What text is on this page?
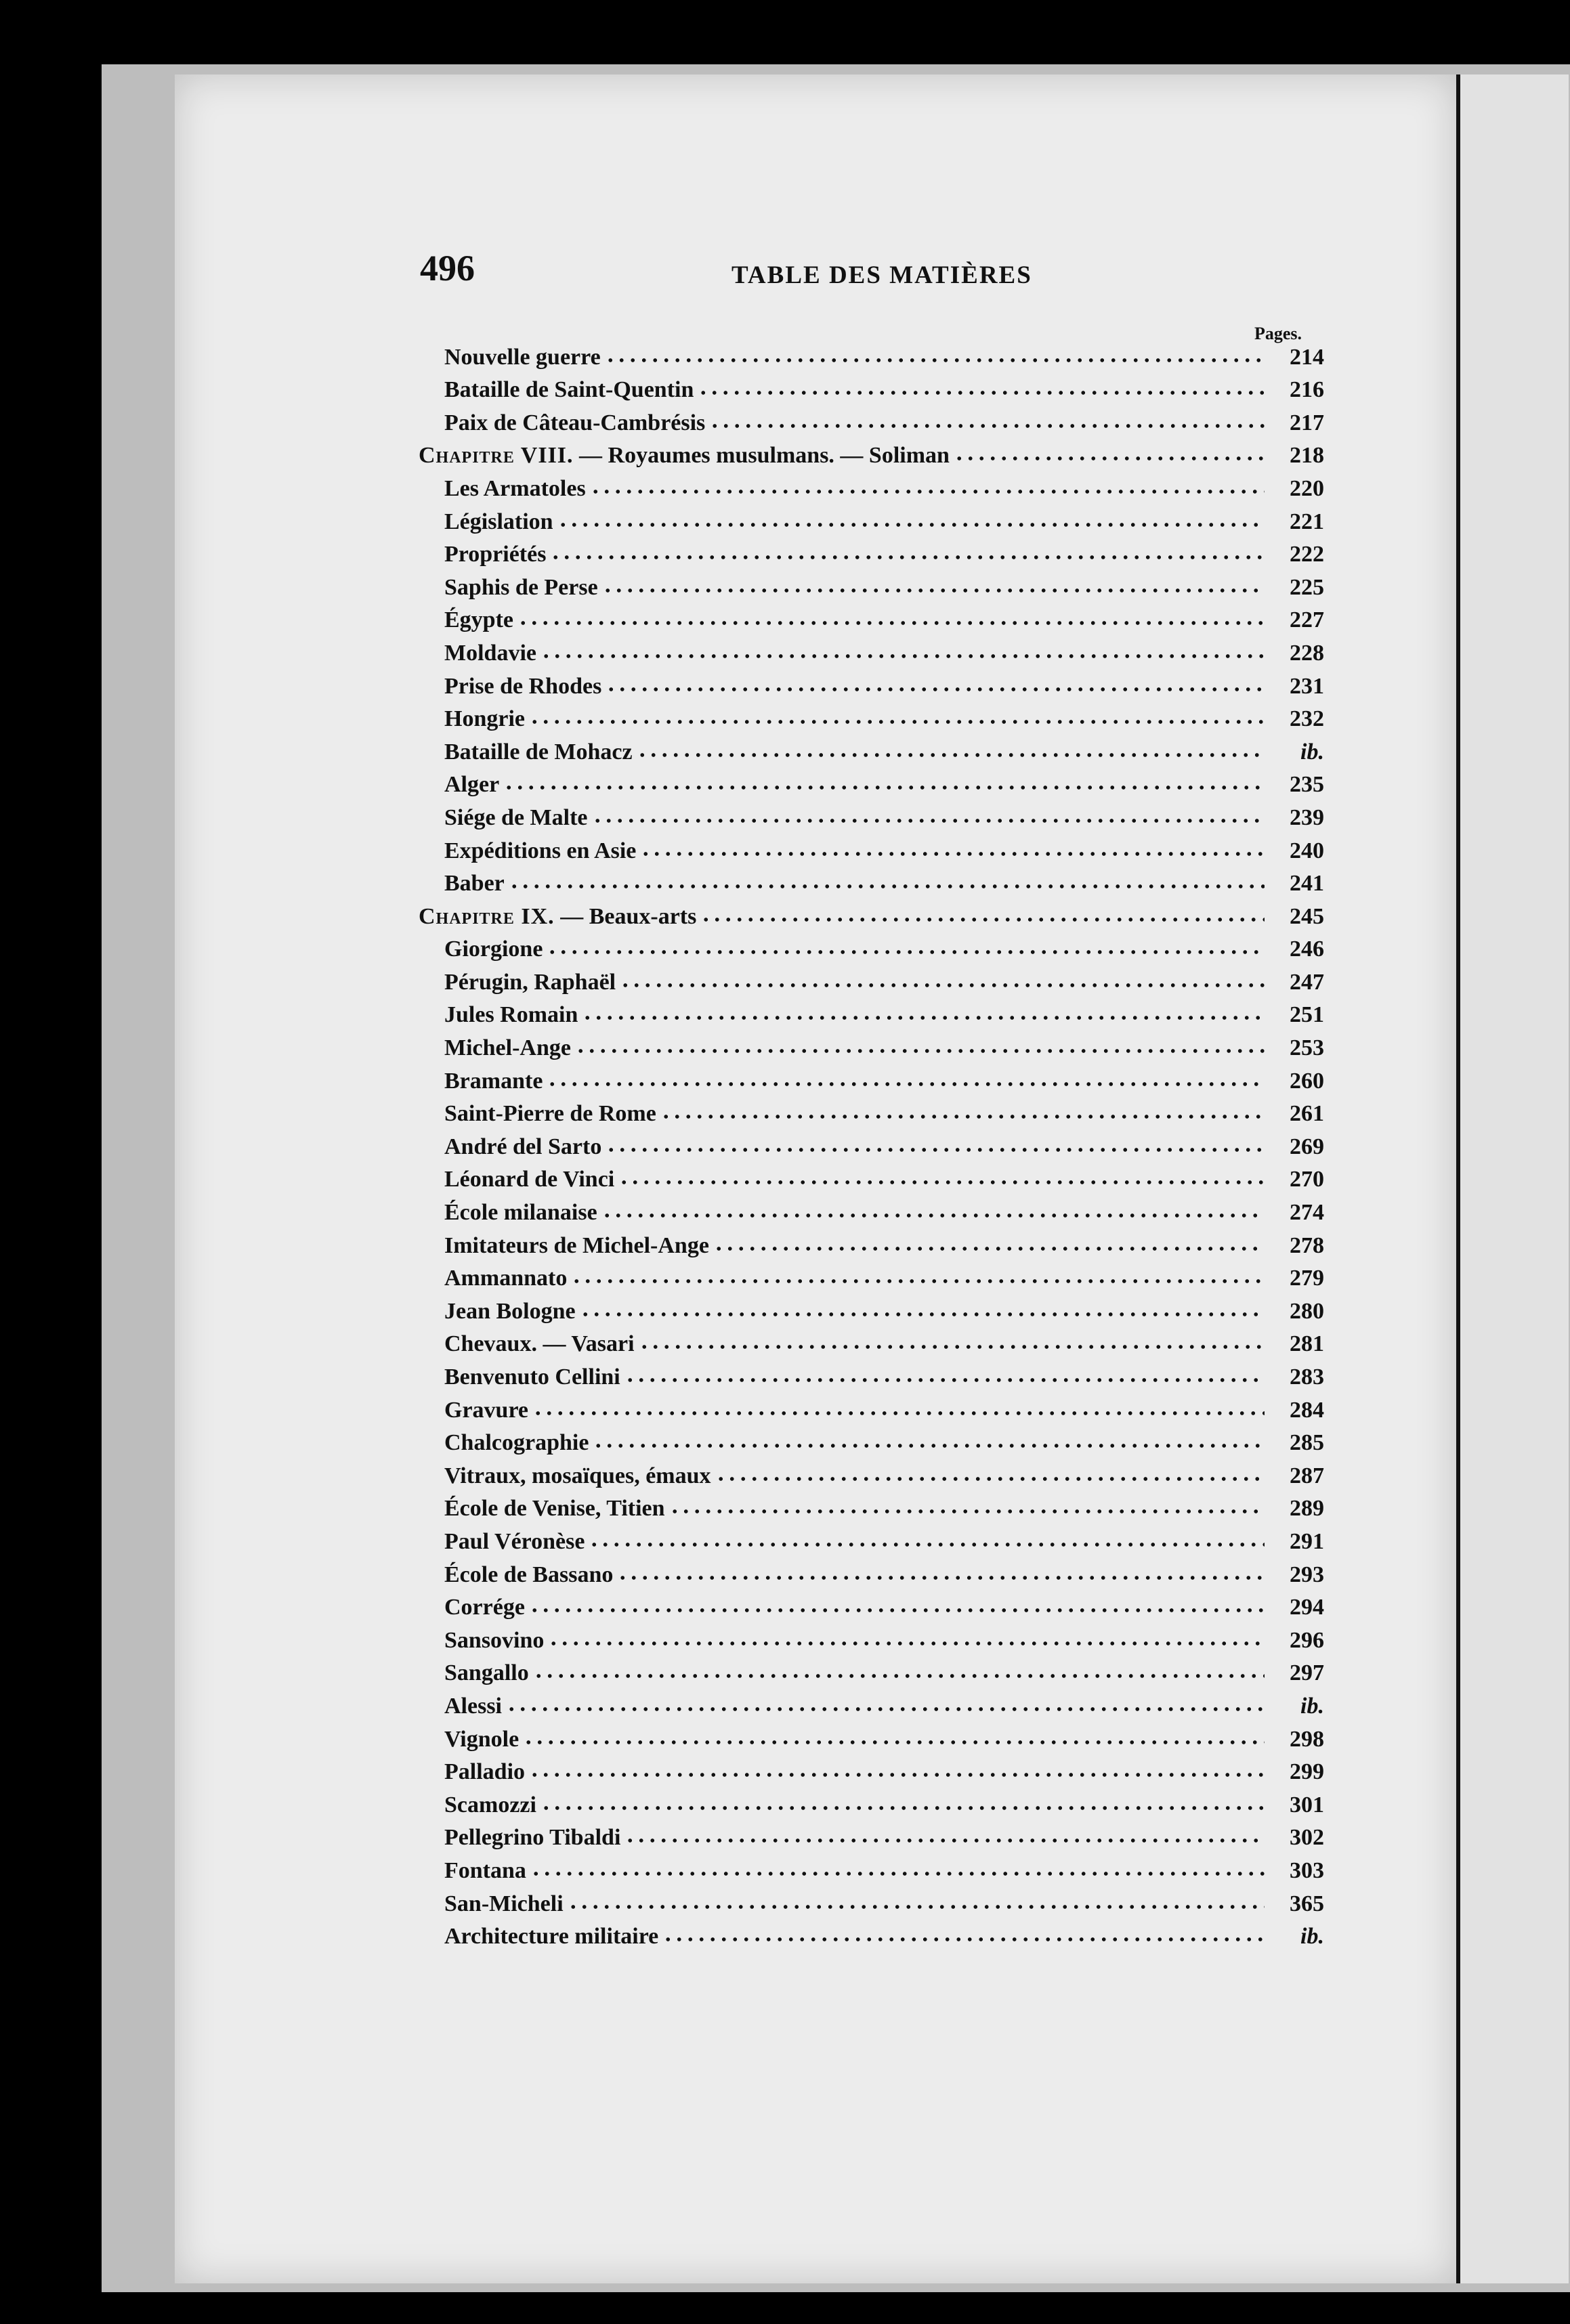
496	TABLE DES MATIÈRES
Pages.
Nouvelle guerre	214
Bataille de Saint-Quentin	216
Paix de Câteau-Cambrésis	217
Chapitre VIII. — Royaumes musulmans. — Soliman	218
Les Armatoles	220
Législation	221
Propriétés	222
Saphis de Perse	225
Égypte	227
Moldavie	228
Prise de Rhodes	231
Hongrie	232
Bataille de Mohacz	ib.
Alger	235
Siége de Malte	239
Expéditions en Asie	240
Baber	241
Chapitre IX. — Beaux-arts	245
Giorgione	246
Pérugin, Raphaël	247
Jules Romain	251
Michel-Ange	253
Bramante	260
Saint-Pierre de Rome	261
André del Sarto	269
Léonard de Vinci	270
École milanaise	274
Imitateurs de Michel-Ange	278
Ammannato	279
Jean Bologne	280
Chevaux. — Vasari	281
Benvenuto Cellini	283
Gravure	284
Chalcographie	285
Vitraux, mosaïques, émaux	287
École de Venise, Titien	289
Paul Véronèse	291
École de Bassano	293
Corrége	294
Sansovino	296
Sangallo	297
Alessi	ib.
Vignole	298
Palladio	299
Scamozzi	301
Pellegrino Tibaldi	302
Fontana	303
San-Micheli	365
Architecture militaire	ib.
